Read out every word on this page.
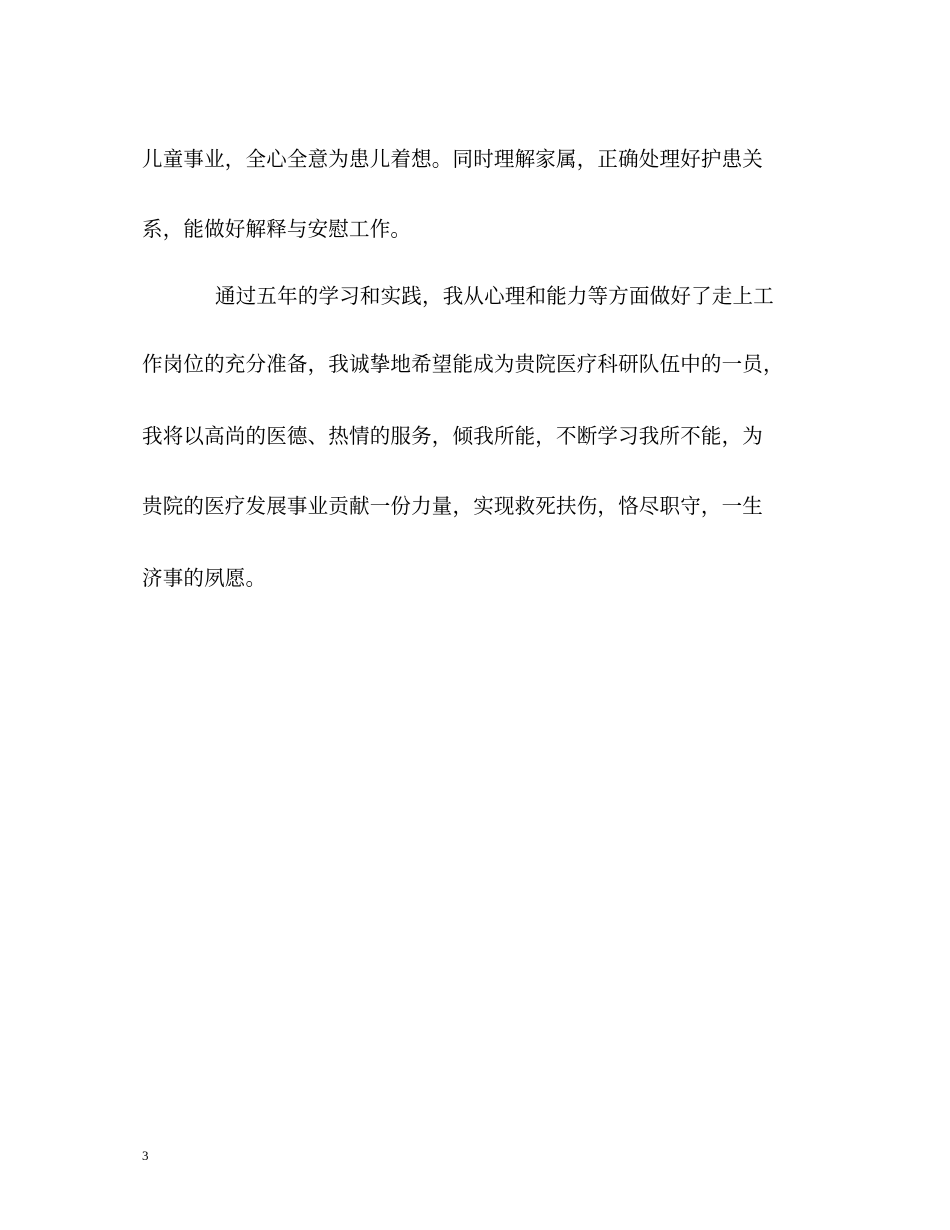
儿童事业，全心全意为患儿着想。同时理解家属，正确处理好护患关
系，能做好解释与安慰工作。
通过五年的学习和实践，我从心理和能力等方面做好了走上工
作岗位的充分准备，我诚挚地希望能成为贵院医疗科研队伍中的一员，
我将以高尚的医德、热情的服务，倾我所能，不断学习我所不能，为
贵院的医疗发展事业贡献一份力量，实现救死扶伤，恪尽职守，一生
济事的夙愿。
3
